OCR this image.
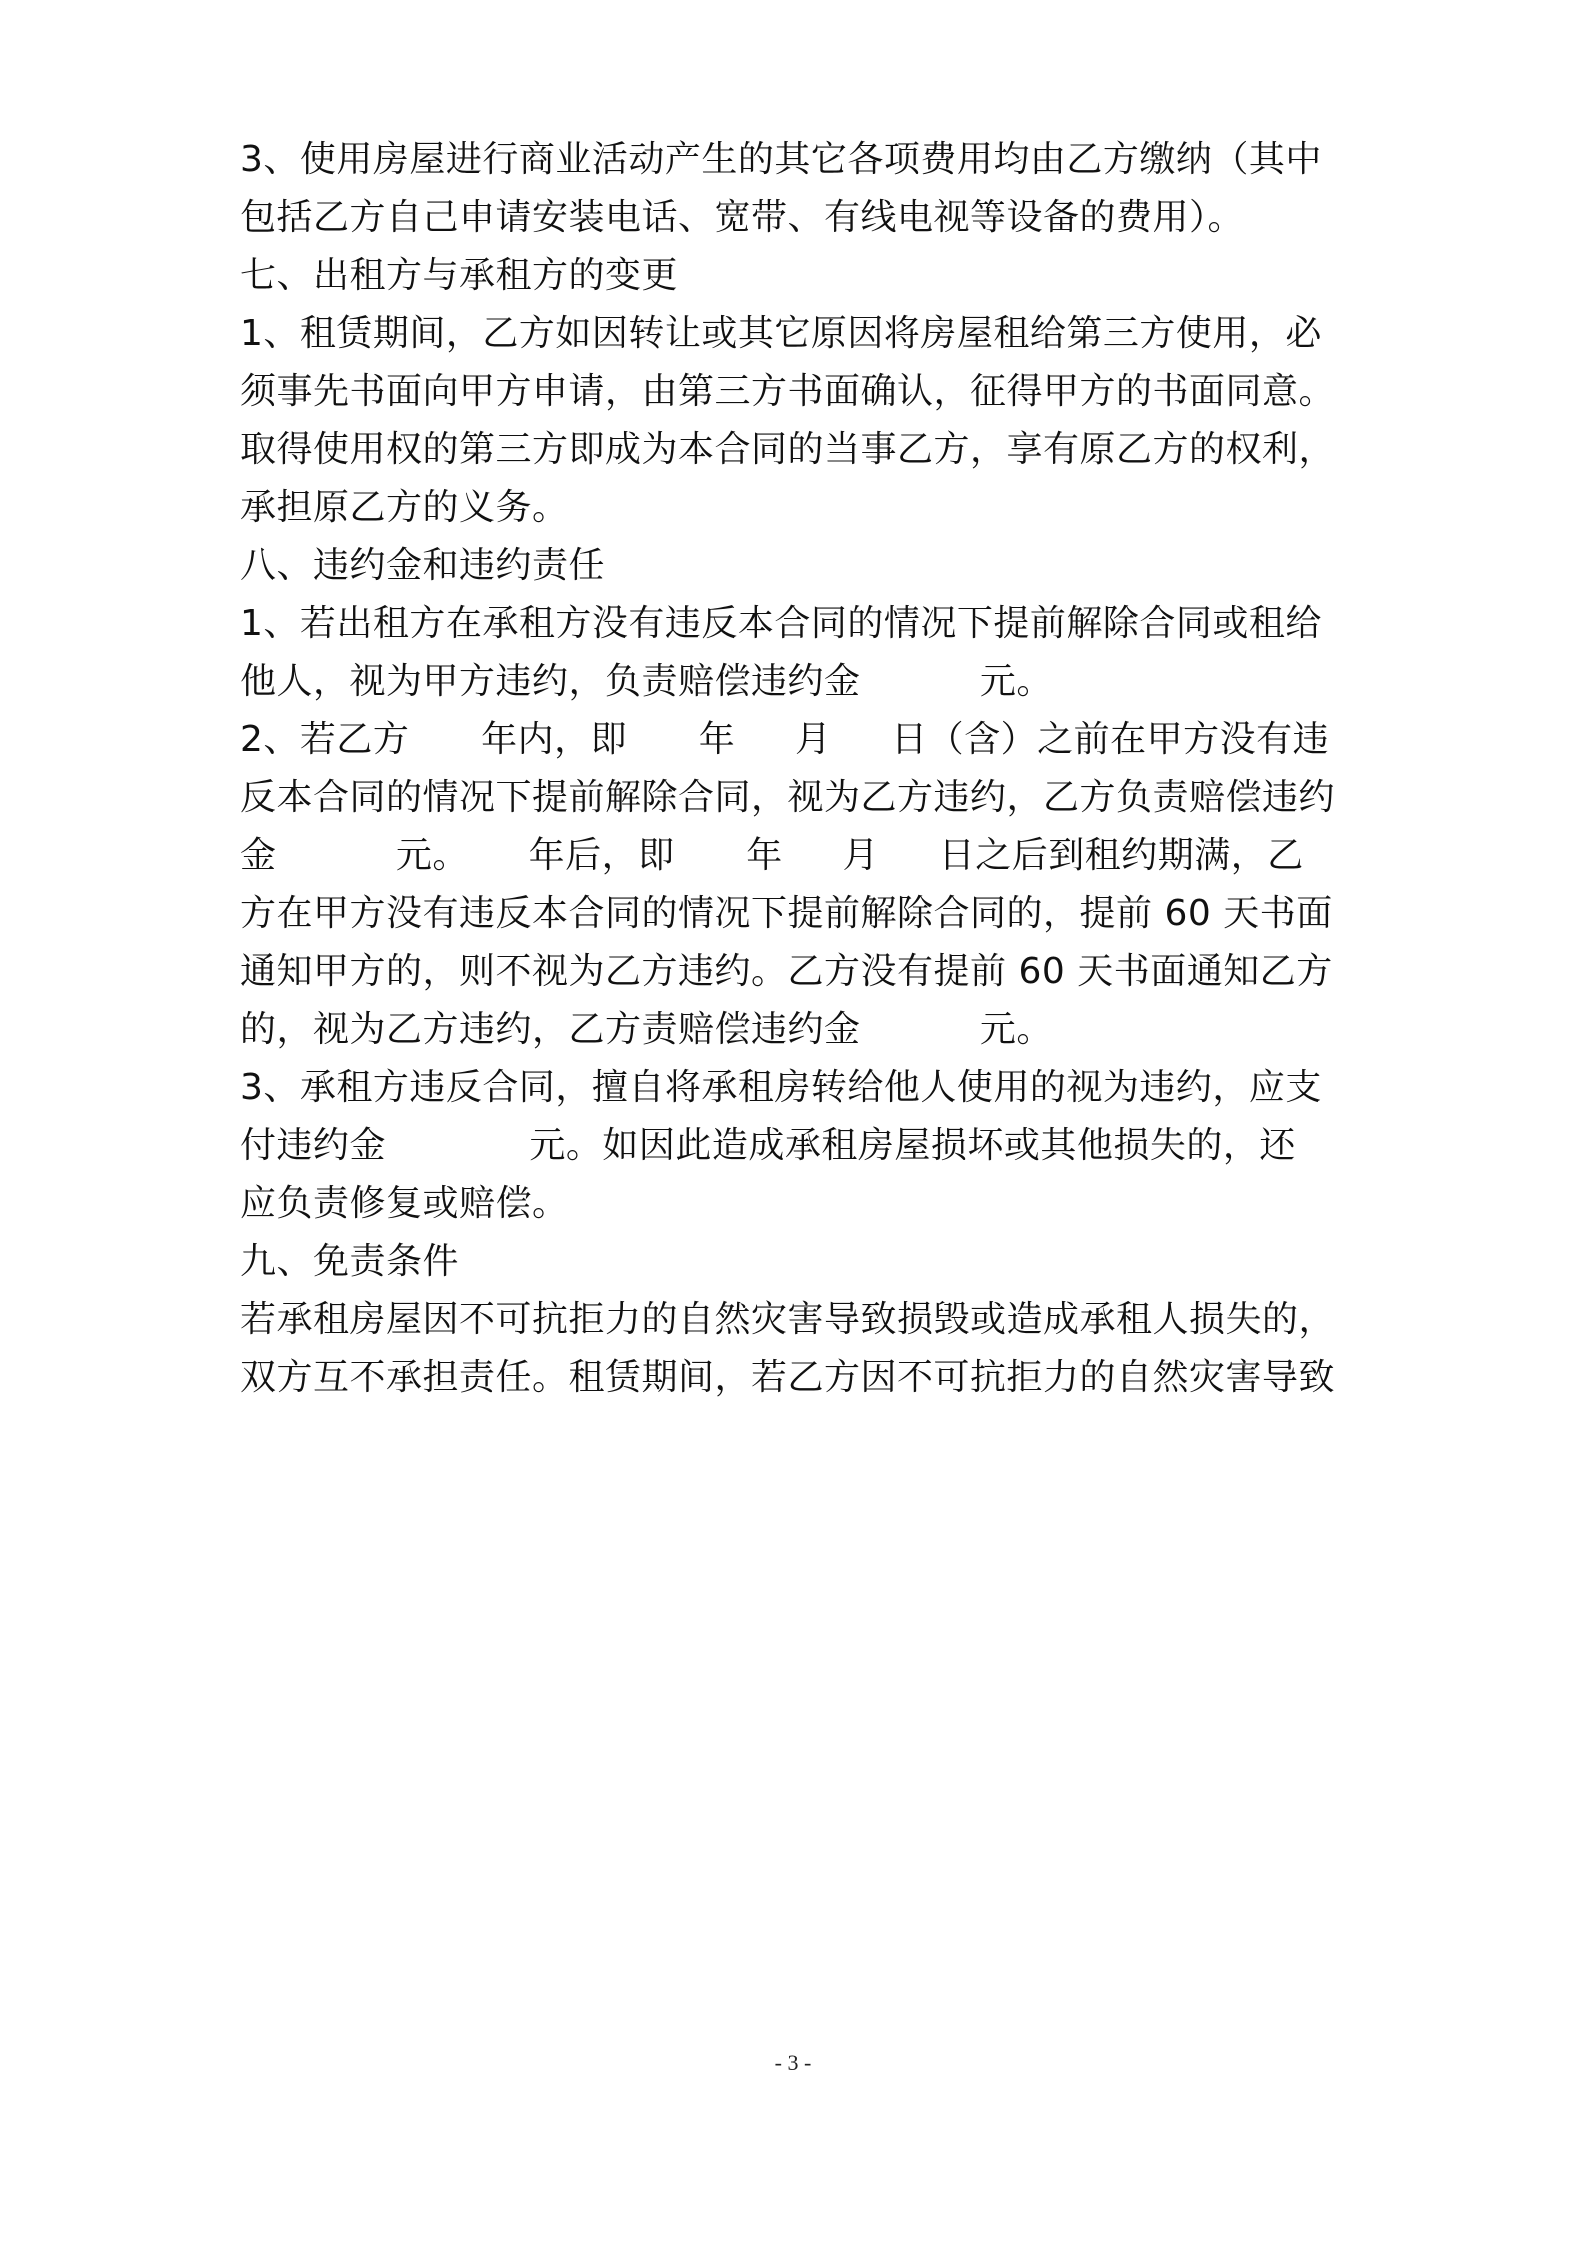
3、使用房屋进行商业活动产生的其它各项费用均由乙方缴纳（其中
包括乙方自己申请安装电话、宽带、有线电视等设备的费用）。
七、出租方与承租方的变更
1、租赁期间，乙方如因转让或其它原因将房屋租给第三方使用，必
须事先书面向甲方申请，由第三方书面确认，征得甲方的书面同意。
取得使用权的第三方即成为本合同的当事乙方，享有原乙方的权利，
承担原乙方的义务。
八、违约金和违约责任
1、若出租方在承租方没有违反本合同的情况下提前解除合同或租给
他人，视为甲方违约，负责赔偿违约金          元。
2、若乙方      年内，即      年     月     日（含）之前在甲方没有违
反本合同的情况下提前解除合同，视为乙方违约，乙方负责赔偿违约
金          元。     年后，即      年     月     日之后到租约期满，乙
方在甲方没有违反本合同的情况下提前解除合同的，提前 60 天书面
通知甲方的，则不视为乙方违约。乙方没有提前 60 天书面通知乙方
的，视为乙方违约，乙方责赔偿违约金          元。
3、承租方违反合同，擅自将承租房转给他人使用的视为违约，应支
付违约金            元。如因此造成承租房屋损坏或其他损失的，还
应负责修复或赔偿。
九、免责条件
若承租房屋因不可抗拒力的自然灾害导致损毁或造成承租人损失的，
双方互不承担责任。租赁期间，若乙方因不可抗拒力的自然灾害导致
- 3 -
